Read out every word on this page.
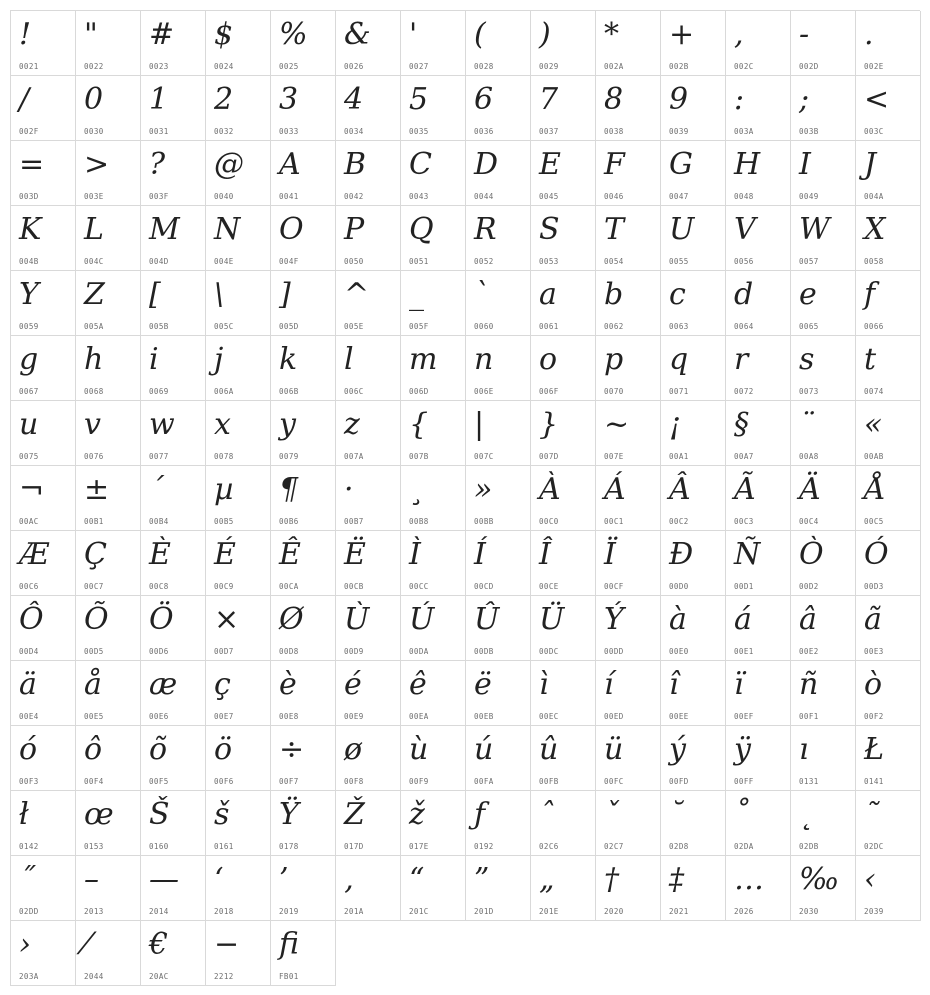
!
0021
"
0022
#
0023
$
0024
%
0025
&
0026
'
0027
(
0028
)
0029
*
002A
+
002B
,
002C
-
002D
.
002E
/
002F
0
0030
1
0031
2
0032
3
0033
4
0034
5
0035
6
0036
7
0037
8
0038
9
0039
:
003A
;
003B
<
003C
=
003D
>
003E
?
003F
@
0040
A
0041
B
0042
C
0043
D
0044
E
0045
F
0046
G
0047
H
0048
I
0049
J
004A
K
004B
L
004C
M
004D
N
004E
O
004F
P
0050
Q
0051
R
0052
S
0053
T
0054
U
0055
V
0056
W
0057
X
0058
Y
0059
Z
005A
[
005B
\
005C
]
005D
^
005E
_
005F
`
0060
a
0061
b
0062
c
0063
d
0064
e
0065
f
0066
g
0067
h
0068
i
0069
j
006A
k
006B
l
006C
m
006D
n
006E
o
006F
p
0070
q
0071
r
0072
s
0073
t
0074
u
0075
v
0076
w
0077
x
0078
y
0079
z
007A
{
007B
|
007C
}
007D
~
007E
¡
00A1
§
00A7
¨
00A8
«
00AB
¬
00AC
±
00B1
´
00B4
µ
00B5
¶
00B6
·
00B7
¸
00B8
»
00BB
À
00C0
Á
00C1
Â
00C2
Ã
00C3
Ä
00C4
Å
00C5
Æ
00C6
Ç
00C7
È
00C8
É
00C9
Ê
00CA
Ë
00CB
Ì
00CC
Í
00CD
Î
00CE
Ï
00CF
Ð
00D0
Ñ
00D1
Ò
00D2
Ó
00D3
Ô
00D4
Õ
00D5
Ö
00D6
×
00D7
Ø
00D8
Ù
00D9
Ú
00DA
Û
00DB
Ü
00DC
Ý
00DD
à
00E0
á
00E1
â
00E2
ã
00E3
ä
00E4
å
00E5
æ
00E6
ç
00E7
è
00E8
é
00E9
ê
00EA
ë
00EB
ì
00EC
í
00ED
î
00EE
ï
00EF
ñ
00F1
ò
00F2
ó
00F3
ô
00F4
õ
00F5
ö
00F6
÷
00F7
ø
00F8
ù
00F9
ú
00FA
û
00FB
ü
00FC
ý
00FD
ÿ
00FF
ı
0131
Ł
0141
ł
0142
œ
0153
Š
0160
š
0161
Ÿ
0178
Ž
017D
ž
017E
ƒ
0192
ˆ
02C6
ˇ
02C7
˘
02D8
˚
02DA
˛
02DB
˜
02DC
˝
02DD
–
2013
—
2014
‘
2018
’
2019
‚
201A
“
201C
”
201D
„
201E
†
2020
‡
2021
…
2026
‰
2030
‹
2039
›
203A
⁄
2044
€
20AC
−
2212
ﬁ
FB01
